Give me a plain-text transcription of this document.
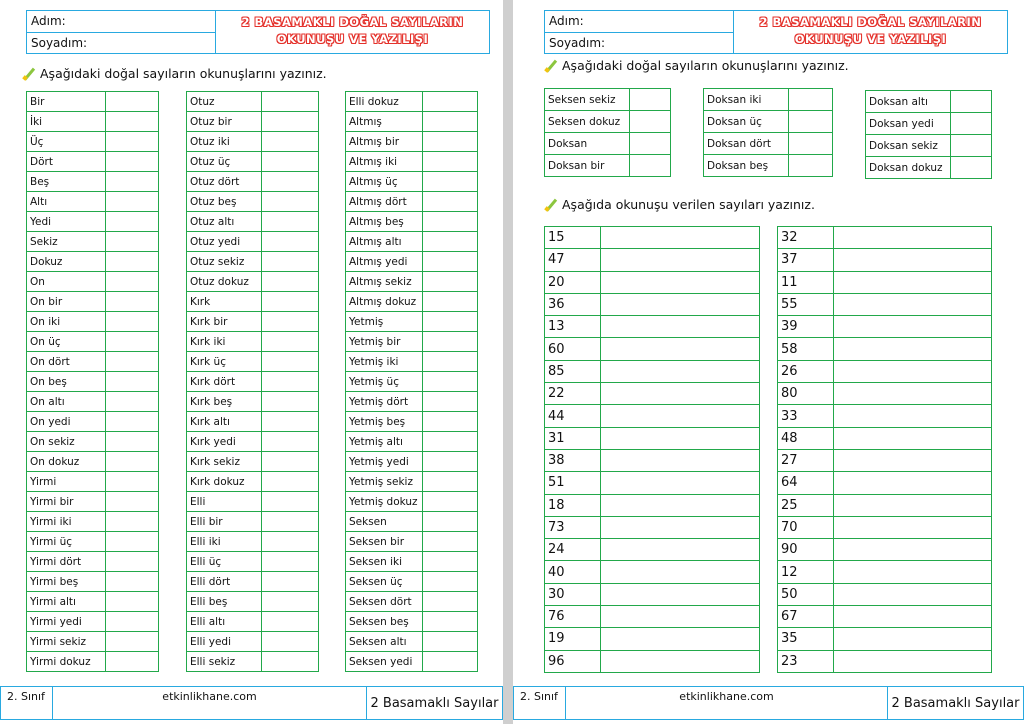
Adım:
Soyadım:
2 BASAMAKLI DOĞAL SAYILARIN
OKUNUŞU VE YAZILIŞI
Aşağıdaki doğal sayıların okunuşlarını yazınız.
Bir	
İki	
Üç	
Dört	
Beş	
Altı	
Yedi	
Sekiz	
Dokuz	
On	
On bir	
On iki	
On üç	
On dört	
On beş	
On altı	
On yedi	
On sekiz	
On dokuz	
Yirmi	
Yirmi bir	
Yirmi iki	
Yirmi üç	
Yirmi dört	
Yirmi beş	
Yirmi altı	
Yirmi yedi	
Yirmi sekiz	
Yirmi dokuz	
Otuz	
Otuz bir	
Otuz iki	
Otuz üç	
Otuz dört	
Otuz beş	
Otuz altı	
Otuz yedi	
Otuz sekiz	
Otuz dokuz	
Kırk	
Kırk bir	
Kırk iki	
Kırk üç	
Kırk dört	
Kırk beş	
Kırk altı	
Kırk yedi	
Kırk sekiz	
Kırk dokuz	
Elli	
Elli bir	
Elli iki	
Elli üç	
Elli dört	
Elli beş	
Elli altı	
Elli yedi	
Elli sekiz	
Elli dokuz	
Altmış	
Altmış bir	
Altmış iki	
Altmış üç	
Altmış dört	
Altmış beş	
Altmış altı	
Altmış yedi	
Altmış sekiz	
Altmış dokuz	
Yetmiş	
Yetmiş bir	
Yetmiş iki	
Yetmiş üç	
Yetmiş dört	
Yetmiş beş	
Yetmiş altı	
Yetmiş yedi	
Yetmiş sekiz	
Yetmiş dokuz	
Seksen	
Seksen bir	
Seksen iki	
Seksen üç	
Seksen dört	
Seksen beş	
Seksen altı	
Seksen yedi	
2. Sınıf	etkinlikhane.com	2 Basamaklı Sayılar
Adım:
Soyadım:
2 BASAMAKLI DOĞAL SAYILARIN
OKUNUŞU VE YAZILIŞI
Aşağıdaki doğal sayıların okunuşlarını yazınız.
Seksen sekiz	
Seksen dokuz	
Doksan	
Doksan bir	
Doksan iki	
Doksan üç	
Doksan dört	
Doksan beş	
Doksan altı	
Doksan yedi	
Doksan sekiz	
Doksan dokuz	
Aşağıda okunuşu verilen sayıları yazınız.
15	
47	
20	
36	
13	
60	
85	
22	
44	
31	
38	
51	
18	
73	
24	
40	
30	
76	
19	
96	
32	
37	
11	
55	
39	
58	
26	
80	
33	
48	
27	
64	
25	
70	
90	
12	
50	
67	
35	
23	
2. Sınıf	etkinlikhane.com	2 Basamaklı Sayılar
